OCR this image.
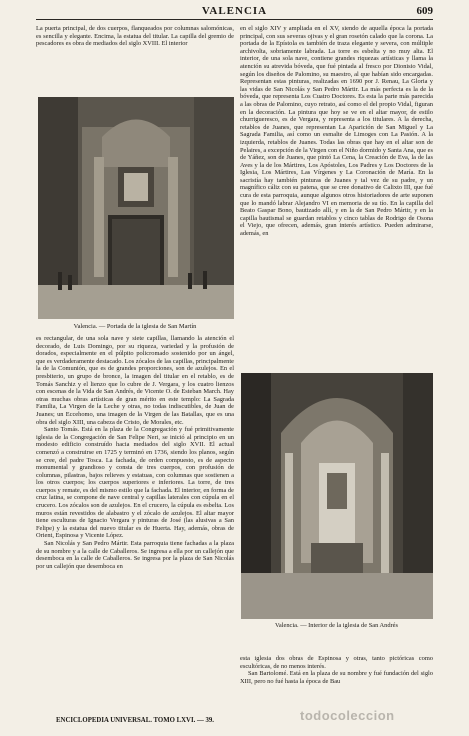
VALENCIA	609

La puerta principal, de dos cuerpos, flanqueados por columnas salomónicas, es sencilla y elegante. Encima, la estatua del titular. La capilla del gremio de pescadores es obra de mediados del siglo XVIII. El interior

Valencia. — Portada de la iglesia de San Martín

es rectangular, de una sola nave y siete capillas, llamando la atención el decorado, de Luis Domingo, por su riqueza, variedad y la profusión de dorados, especialmente en el púlpito policromado sostenido por un ángel, que es verdaderamente destacado. Los zócalos de las capillas, principalmente la de la Comunión, que es de grandes proporciones, son de azulejos. En el presbiterio, un grupo de bronce, la imagen del titular en el retablo, es de Tomás Sanchiz y el lienzo que lo cubre de J. Vergara, y los cuatro lienzos con escenas de la Vida de San Andrés, de Vicente O. de Esteban March. Hay otras muchas obras artísticas de gran mérito en este templo: La Sagrada Familia, La Virgen de la Leche y otras, no todas indiscutibles, de Juan de Juanes; un Eccehomo, una imagen de la Virgen de las Batallas, que es una obra del siglo XIII, una cabeza de Cristo, de Morales, etc.

Santo Tomás. Está en la plaza de la Congregación y fué primitivamente iglesia de la Congregación de San Felipe Neri, se inició al principio en un modesto edificio construído hacia mediados del siglo XVII. El actual comenzó a construirse en 1725 y terminó en 1736, siendo los planos, según se cree, del padre Tosca. La fachada, de orden compuesto, es de aspecto monumental y grandioso y consta de tres cuerpos, con profusión de columnas, pilastras, bajos relieves y estatuas, con columnas que sostienen a los otros cuerpos; los cuerpos superiores e inferiores. La torre, de tres cuerpos y remate, es del mismo estilo que la fachada. El interior, en forma de cruz latina, se compone de nave central y capillas laterales con cúpula en el crucero. Los zócalos son de azulejos. En el crucero, la cúpula es esbelta. Los muros están revestidos de alabastro y el zócalo de azulejos. El altar mayor tiene esculturas de Ignacio Vergara y pinturas de José (las alusivas a San Felipe) y la estatua del nuevo titular es de Huerta. Hay, además, obras de Orient, Espinosa y Vicente López.

San Nicolás y San Pedro Mártir. Esta parroquia tiene fachadas a la plaza de su nombre y a la calle de Caballeros. Se ingresa a ella por un callejón que desemboca en la calle de Caballeros. Se ingresa por la plaza de San Nicolás por un callejón que desemboca en

en el siglo XIV y ampliada en el XV, siendo de aquella época la portada principal, con sus severas ojivas y el gran rosetón calado que la corona. La portada de la Epístola es también de traza elegante y severa, con múltiple archivolta, sobriamente labrada. La torre es esbelta y no muy alta. El interior, de una sola nave, contiene grandes riquezas artísticas y llama la atención su atrevida bóveda, que fué pintada al fresco por Dionisio Vidal, según los diseños de Palomino, su maestro, al que habían sido encargadas. Representan estas pinturas, realizadas en 1690 por J. Renau, La Gloria y las vidas de San Nicolás y San Pedro Mártir. La más perfecta es la de la bóveda, que representa Los Cuatro Doctores. Es esta la parte más parecida a las obras de Palomino, cuyo retrato, así como el del propio Vidal, figuran en la decoración. La pintura que hoy se ve en el altar mayor, de estilo churrigueresco, es de Vergara, y representa a los titulares. A la derecha, retablos de Juanes, que representan La Aparición de San Miguel y La Sagrada Familia, así como un esmalte de Limoges con La Pasión. A la izquierda, retablos de Juanes. Todas las obras que hay en el altar son de Pelaires, a excepción de la Virgen con el Niño dormido y Santa Ana, que es de Yáñez, son de Juanes, que pintó La Cena, la Creación de Eva, la de las Aves y la de los Mártires, Los Apóstoles, Los Padres y Los Doctores de la Iglesia, Los Mártires, Las Vírgenes y La Coronación de María. En la sacristía hay también pinturas de Juanes y tal vez de su padre, y un magnífico cáliz con su patena, que se cree donativo de Calixto III, que fué cura de esta parroquia, aunque algunos otros historiadores de arte suponen que lo mandó labrar Alejandro VI en memoria de su tío. En la capilla del Beato Gaspar Bono, bautizado allí, y en la de San Pedro Mártir, y en la capilla bautismal se guardan retablos y cinco tablas de Rodrigo de Osona el Viejo, que ofrecen, además, gran interés artístico. Pueden admirarse, además, en

Valencia. — Interior de la iglesia de San Andrés

esta iglesia dos obras de Espinosa y otras, tanto pictóricas como escultóricas, de no menos interés.

San Bartolomé. Está en la plaza de su nombre y fué fundación del siglo XIII, pero no fué hasta la época de Bau

ENCICLOPEDIA UNIVERSAL. TOMO LXVI. — 39.	todocoleccion
